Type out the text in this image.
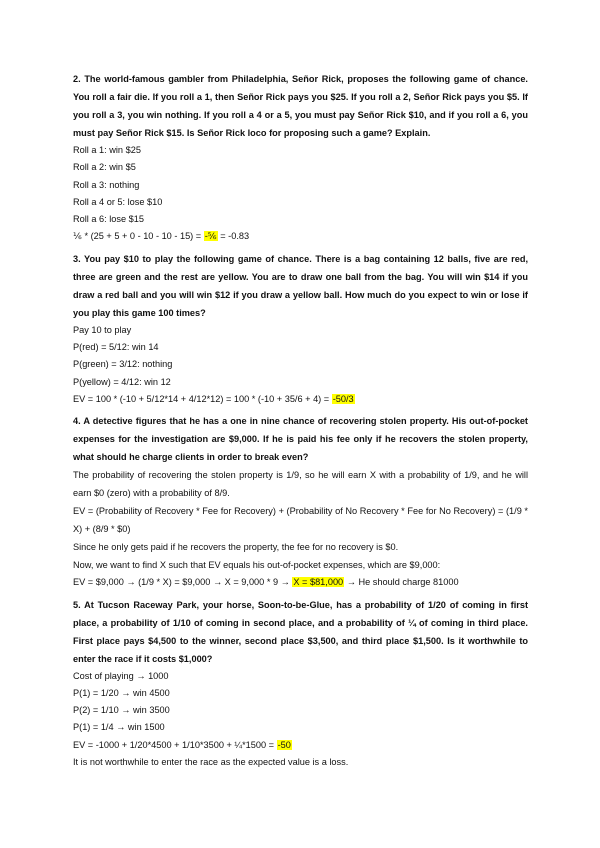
2. The world-famous gambler from Philadelphia, Señor Rick, proposes the following game of chance. You roll a fair die. If you roll a 1, then Señor Rick pays you $25. If you roll a 2, Señor Rick pays you $5. If you roll a 3, you win nothing. If you roll a 4 or a 5, you must pay Señor Rick $10, and if you roll a 6, you must pay Señor Rick $15. Is Señor Rick loco for proposing such a game? Explain.

Roll a 1: win $25

Roll a 2: win $5

Roll a 3: nothing

Roll a 4 or 5: lose $10

Roll a 6: lose $15

⅙ * (25 + 5 + 0 - 10 - 10 - 15) = -⅚ = -0.83

3. You pay $10 to play the following game of chance. There is a bag containing 12 balls, five are red, three are green and the rest are yellow. You are to draw one ball from the bag. You will win $14 if you draw a red ball and you will win $12 if you draw a yellow ball. How much do you expect to win or lose if you play this game 100 times?

Pay 10 to play

P(red) = 5/12: win 14

P(green) = 3/12: nothing

P(yellow) = 4/12: win 12

EV = 100 * (-10 + 5/12*14 + 4/12*12) = 100 * (-10 + 35/6 + 4) = -50/3

4. A detective figures that he has a one in nine chance of recovering stolen property. His out-of-pocket expenses for the investigation are $9,000. If he is paid his fee only if he recovers the stolen property, what should he charge clients in order to break even?

The probability of recovering the stolen property is 1/9, so he will earn X with a probability of 1/9, and he will earn $0 (zero) with a probability of 8/9.

EV = (Probability of Recovery * Fee for Recovery) + (Probability of No Recovery * Fee for No Recovery) = (1/9 * X) + (8/9 * $0)

Since he only gets paid if he recovers the property, the fee for no recovery is $0.

Now, we want to find X such that EV equals his out-of-pocket expenses, which are $9,000:

EV = $9,000 → (1/9 * X) = $9,000 → X = 9,000 * 9 → X = $81,000 → He should charge 81000

5. At Tucson Raceway Park, your horse, Soon-to-be-Glue, has a probability of 1/20 of coming in first place, a probability of 1/10 of coming in second place, and a probability of ¼ of coming in third place. First place pays $4,500 to the winner, second place $3,500, and third place $1,500. Is it worthwhile to enter the race if it costs $1,000?

Cost of playing → 1000

P(1) = 1/20 → win 4500

P(2) = 1/10 → win 3500

P(1) = 1/4 → win 1500

EV = -1000 + 1/20*4500 + 1/10*3500 + ¼*1500 = -50

It is not worthwhile to enter the race as the expected value is a loss.
